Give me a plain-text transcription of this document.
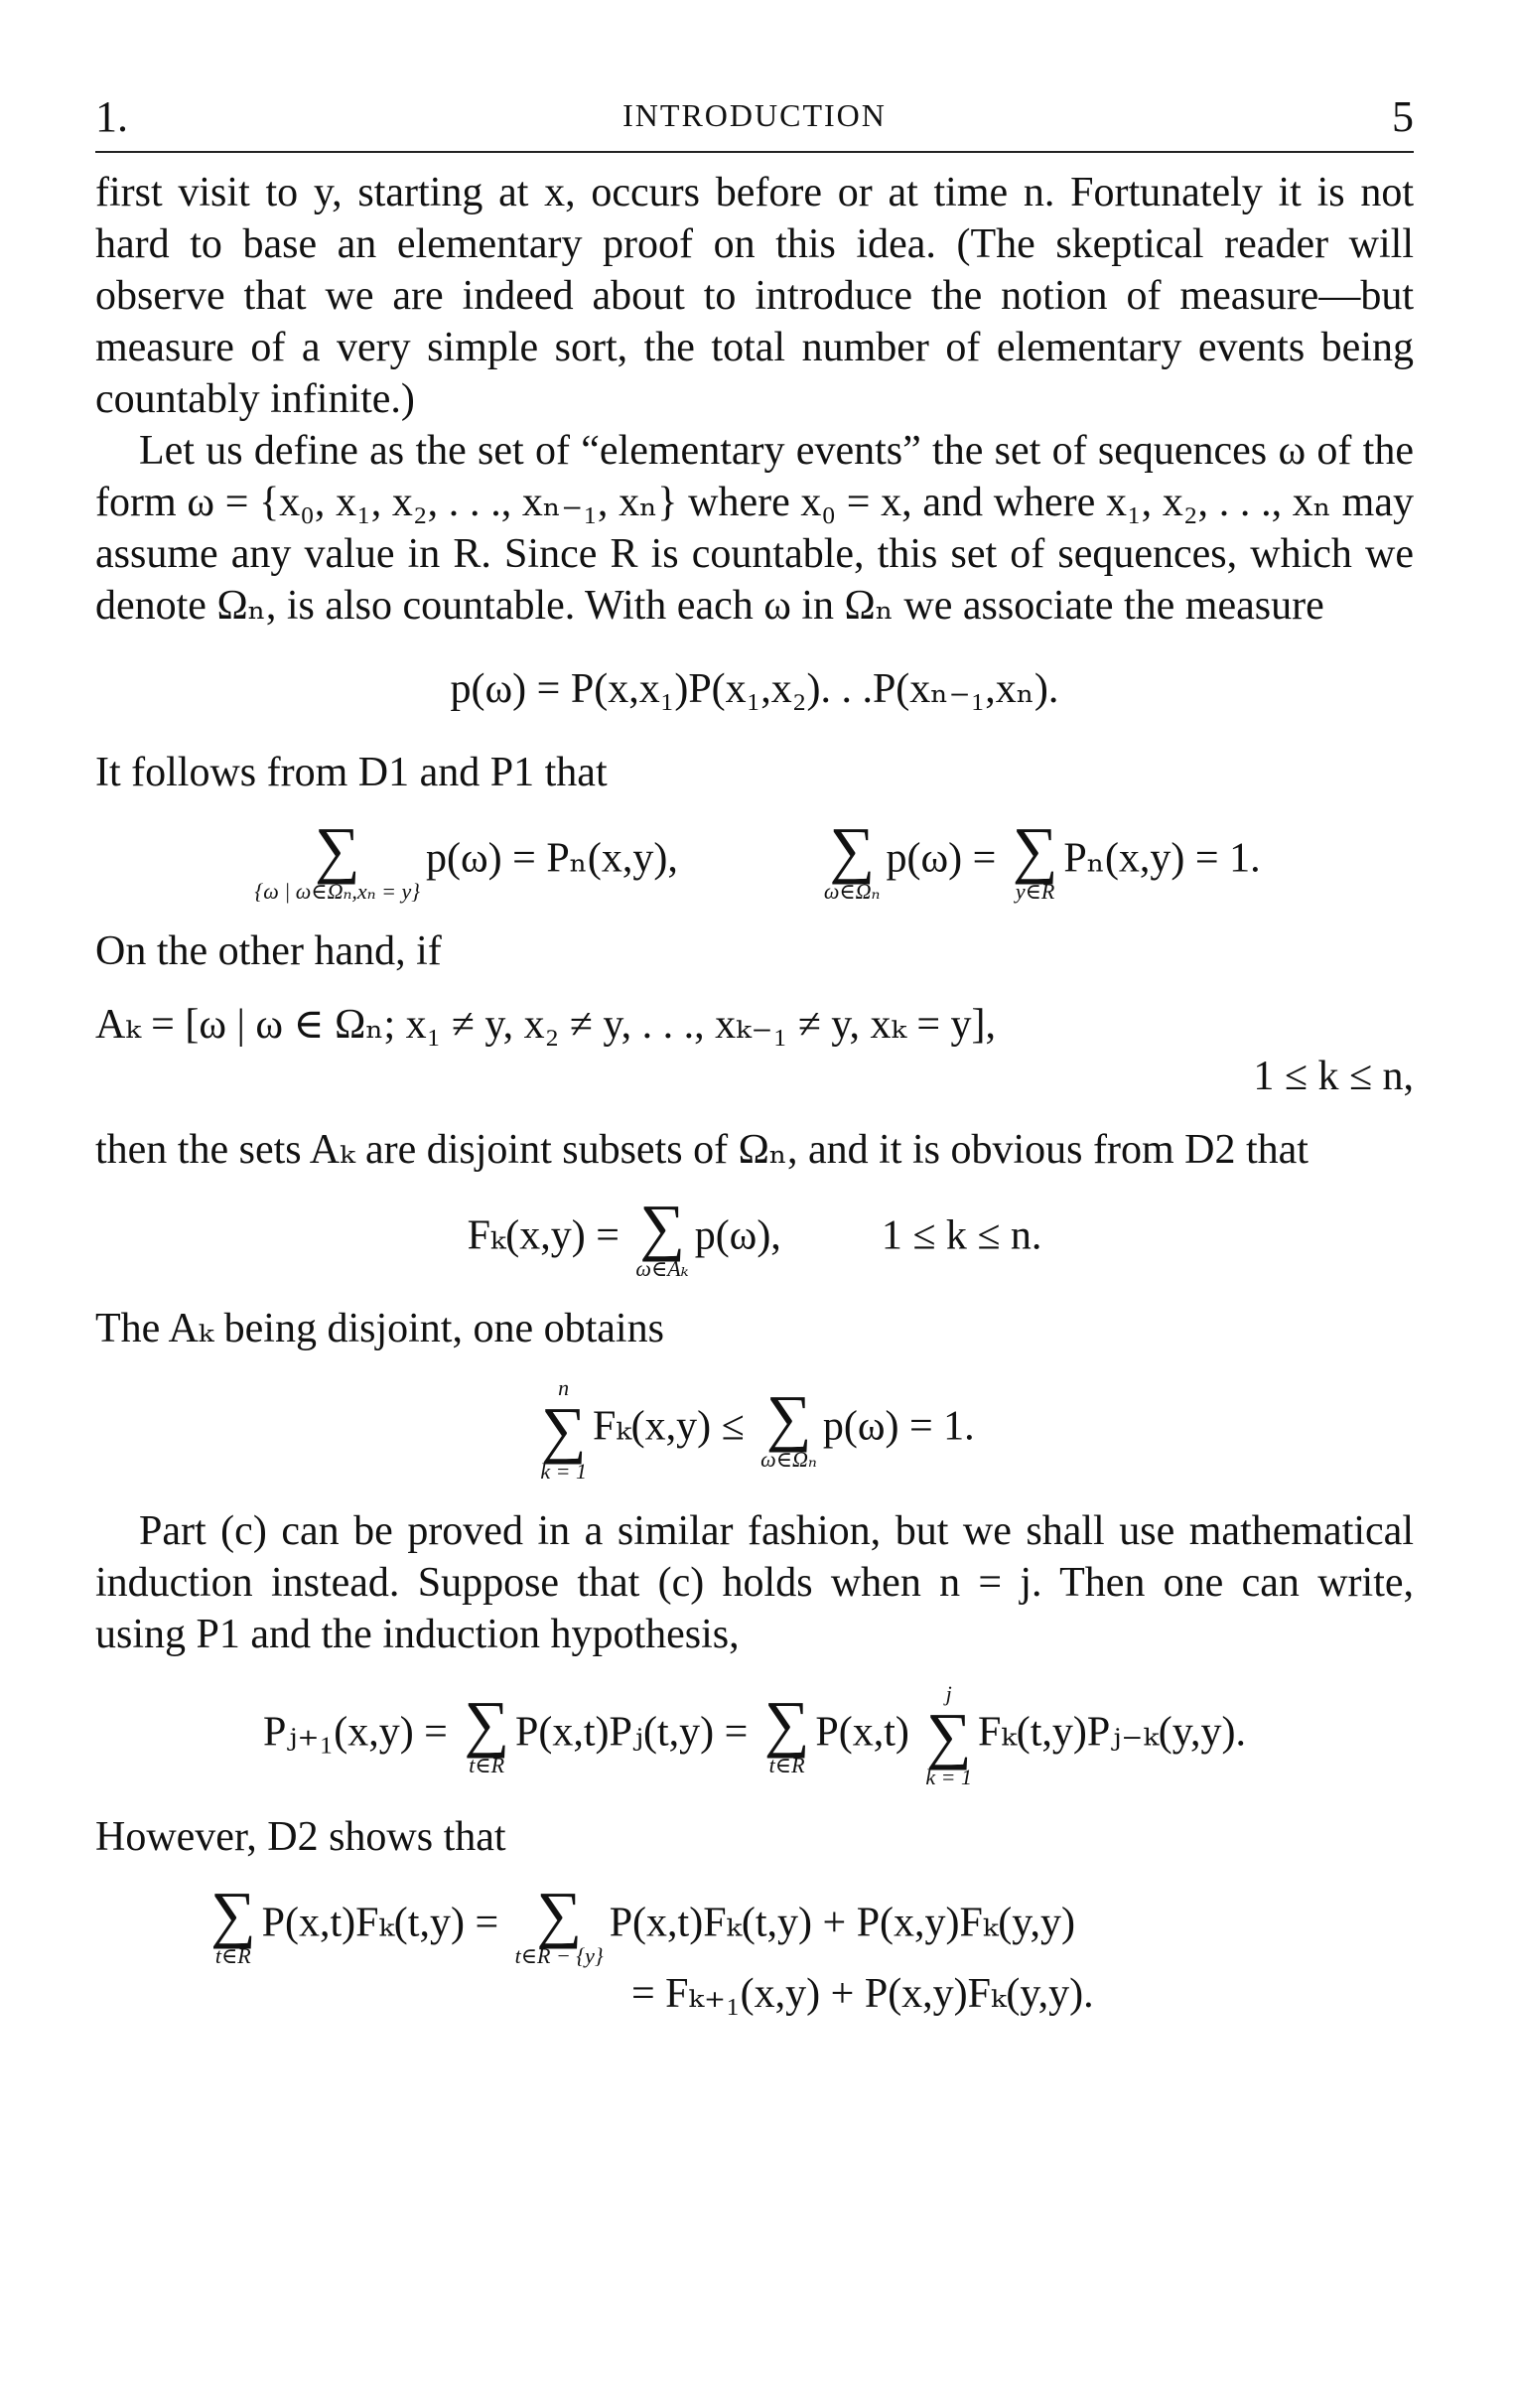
1.	INTRODUCTION	5

first visit to y, starting at x, occurs before or at time n. Fortunately it is not hard to base an elementary proof on this idea. (The skeptical reader will observe that we are indeed about to introduce the notion of measure—but measure of a very simple sort, the total number of elementary events being countably infinite.)

Let us define as the set of “elementary events” the set of sequences ω of the form ω = {x₀, x₁, x₂, . . ., xₙ₋₁, xₙ} where x₀ = x, and where x₁, x₂, . . ., xₙ may assume any value in R. Since R is countable, this set of sequences, which we denote Ωₙ, is also countable. With each ω in Ωₙ we associate the measure

p(ω) = P(x,x₁)P(x₁,x₂). . .P(xₙ₋₁,xₙ).

It follows from D1 and P1 that

∑
{ω | ω∈Ωₙ,xₙ = y}
p(ω) = Pₙ(x,y), ∑
ω∈Ωₙ
p(ω) = ∑
y∈R
Pₙ(x,y) = 1.

On the other hand, if

Aₖ = [ω | ω ∈ Ωₙ; x₁ ≠ y, x₂ ≠ y, . . ., xₖ₋₁ ≠ y, xₖ = y],
1 ≤ k ≤ n,

then the sets Aₖ are disjoint subsets of Ωₙ, and it is obvious from D2 that

Fₖ(x,y) = ∑
ω∈Aₖ
p(ω), 1 ≤ k ≤ n.

The Aₖ being disjoint, one obtains

n
∑
k = 1
Fₖ(x,y) ≤ ∑
ω∈Ωₙ
p(ω) = 1.

Part (c) can be proved in a similar fashion, but we shall use mathematical induction instead. Suppose that (c) holds when n = j. Then one can write, using P1 and the induction hypothesis,

Pⱼ₊₁(x,y) = ∑
t∈R
P(x,t)Pⱼ(t,y) = ∑
t∈R
P(x,t)
j
∑
k = 1
Fₖ(t,y)Pⱼ₋ₖ(y,y).

However, D2 shows that

∑
t∈R
P(x,t)Fₖ(t,y) = ∑
t∈R − {y}
P(x,t)Fₖ(t,y) + P(x,y)Fₖ(y,y)
= Fₖ₊₁(x,y) + P(x,y)Fₖ(y,y).
